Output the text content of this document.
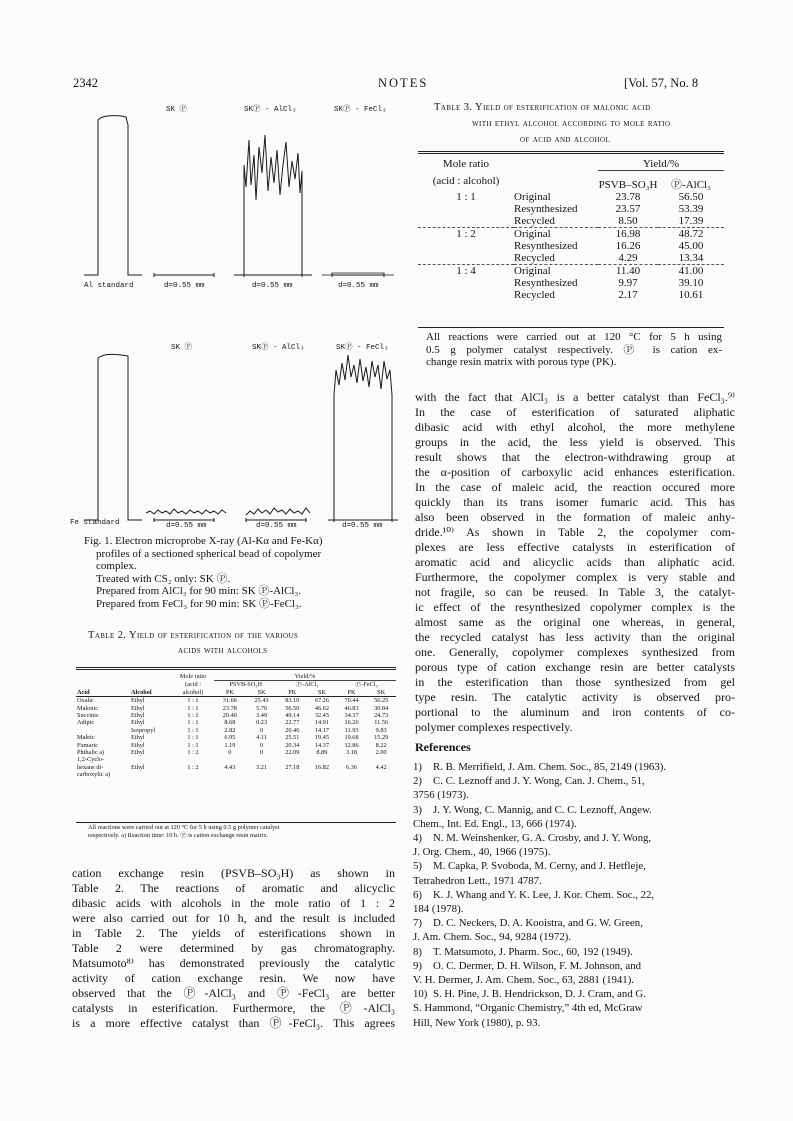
2342	NOTES	[Vol. 57, No. 8
SK Ⓟ	SKⓅ - AlCl₃	SKⓅ - FeCl₃
Al standard	d=0.55 mm	d=0.55 mm	d=0.55 mm
SK Ⓟ	SKⓅ - AlCl₃	SKⓅ - FeCl₃
Fe standard	d=0.55 mm	d=0.55 mm	d=0.55 mm
Fig. 1. Electron microprobe X-ray (Al-Kα and Fe-Kα)
profiles of a sectioned spherical bead of copolymer
complex.
Treated with CS₂ only: SK Ⓟ.
Prepared from AlCl₃ for 90 min: SK Ⓟ-AlCl₃.
Prepared from FeCl₃ for 90 min: SK Ⓟ-FeCl₃.
Table 2. Yield of esterification of the various
acids with alcohols
		Mole ratio	Yield/%					
		(acid :	PSVB-SO₃H		Ⓟ-AlCl₃		Ⓟ-FeCl₃	
Acid	Alcohol	alcohol)	PK	SK	PK	SK	PK	SK
Oxalic	Ethyl	1 : 1	31.66	25.43	83.10	67.26	70.44	56.25
Malonic	Ethyl	1 : 1	23.78	5.76	56.50	46.62	46.83	30.84
Succinic	Ethyl	1 : 1	20.40	3.49	49.14	32.45	34.37	24.73
Adipic	Ethyl	1 : 1	8.68	0.23	22.77	14.91	16.26	11.56
	Isopropyl	1 : 1	2.82	0	20.46	14.17	11.93	9.83
Maleic	Ethyl	1 : 1	6.95	4.11	25.51	19.45	19.68	15.29
Fumaric	Ethyl	1 : 1	1.19	0	20.34	14.37	12.86	8.22
Phthalic a)	Ethyl	1 : 2	0	0	22.09	8.89	3.18	2.00
1,2-Cyclo-								
hexane di-	Ethyl	1 : 2	4.43	3.21	27.18	16.82	6.36	4.42
carboxylic a)								
All reactions were carried out at 120 °C for 5 h using 0.5 g polymer catalyst
respectively. a) Reaction time: 10 h. Ⓟ is cation exchange resin matrix.
cation exchange resin (PSVB–SO₃H) as shown in
Table 2. The reactions of aromatic and alicyclic
dibasic acids with alcohols in the mole ratio of 1 : 2
were also carried out for 10 h, and the result is included
in Table 2. The yields of esterifications shown in
Table 2 were determined by gas chromatography.
Matsumoto⁸⁾ has demonstrated previously the catalytic
activity of cation exchange resin. We now have
observed that the Ⓟ-AlCl₃ and Ⓟ-FeCl₃ are better
catalysts in esterification. Furthermore, the Ⓟ-AlCl₃
is a more effective catalyst than Ⓟ-FeCl₃. This agrees
Table 3. Yield of esterification of malonic acid
with ethyl alcohol according to mole ratio
of acid and alcohol
Mole ratio		Yield/%	
(acid : alcohol)		PSVB–SO₃H	Ⓟ-AlCl₃
1 : 1	Original	23.78	56.50
	Resynthesized	23.57	53.39
	Recycled	8.50	17.39
1 : 2	Original	16.98	48.72
	Resynthesized	16.26	45.00
	Recycled	4.29	13.34
1 : 4	Original	11.40	41.00
	Resynthesized	9.97	39.10
	Recycled	2.17	10.61
All reactions were carried out at 120 °C for 5 h using
0.5 g polymer catalyst respectively. Ⓟ is cation ex-
change resin matrix with porous type (PK).
with the fact that AlCl₃ is a better catalyst than FeCl₃.⁹⁾
In the case of esterification of saturated aliphatic
dibasic acid with ethyl alcohol, the more methylene
groups in the acid, the less yield is observed. This
result shows that the electron-withdrawing group at
the α-position of carboxylic acid enhances esterification.
In the case of maleic acid, the reaction occured more
quickly than its trans isomer fumaric acid. This has
also been observed in the formation of maleic anhy-
dride.¹⁰⁾ As shown in Table 2, the copolymer com-
plexes are less effective catalysts in esterification of
aromatic acid and alicyclic acids than aliphatic acid.
Furthermore, the copolymer complex is very stable and
not fragile, so can be reused. In Table 3, the catalyt-
ic effect of the resynthesized copolymer complex is the
almost same as the original one whereas, in general,
the recycled catalyst has less activity than the original
one. Generally, copolymer complexes synthesized from
porous type of cation exchange resin are better catalysts
in the esterification than those synthesized from gel
type resin. The catalytic activity is observed pro-
portional to the aluminum and iron contents of co-
polymer complexes respectively.
References
1) R. B. Merrifield, J. Am. Chem. Soc., 85, 2149 (1963).
2) C. C. Leznoff and J. Y. Wong, Can. J. Chem., 51,
3756 (1973).
3) J. Y. Wong, C. Mannig, and C. C. Leznoff, Angew.
Chem., Int. Ed. Engl., 13, 666 (1974).
4) N. M. Weinshenker, G. A. Crosby, and J. Y. Wong,
J. Org. Chem., 40, 1966 (1975).
5) M. Capka, P. Svoboda, M. Cerny, and J. Hetfleje,
Tetrahedron Lett., 1971 4787.
6) K. J. Whang and Y. K. Lee, J. Kor. Chem. Soc., 22,
184 (1978).
7) D. C. Neckers, D. A. Kooistra, and G. W. Green,
J. Am. Chem. Soc., 94, 9284 (1972).
8) T. Matsumoto, J. Pharm. Soc., 60, 192 (1949).
9) O. C. Dermer, D. H. Wilson, F. M. Johnson, and
V. H. Dermer, J. Am. Chem. Soc., 63, 2881 (1941).
10) S. H. Pine, J. B. Hendrickson, D. J. Cram, and G.
S. Hammond, “Organic Chemistry,” 4th ed, McGraw
Hill, New York (1980), p. 93.
